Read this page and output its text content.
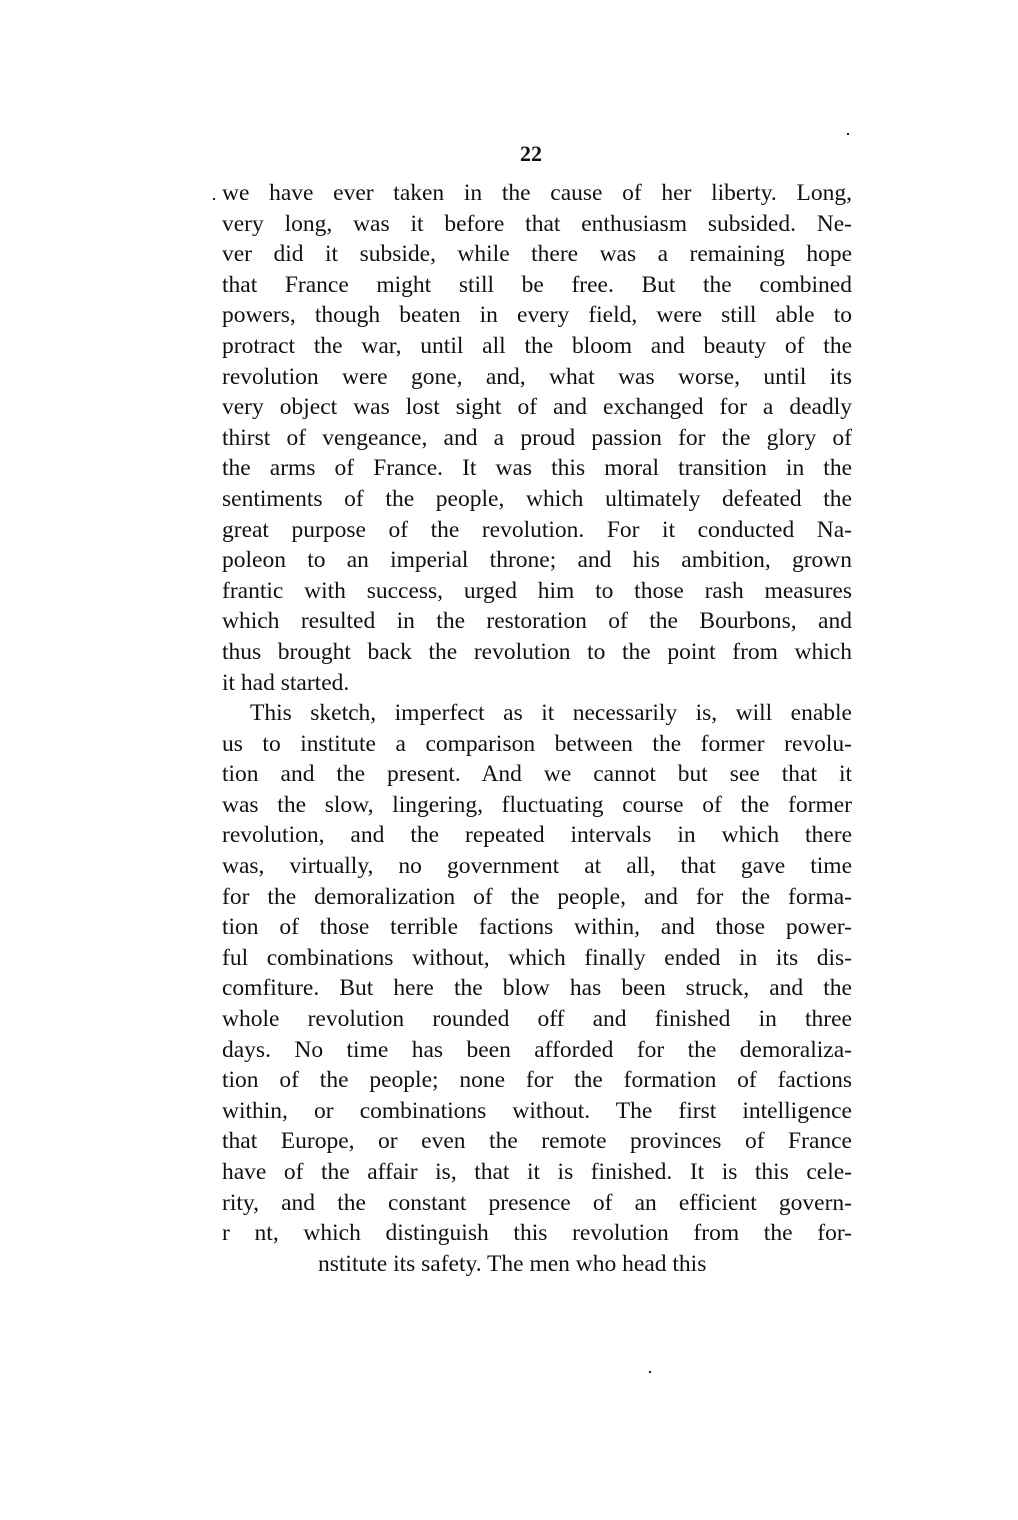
22
we have ever taken in the cause of her liberty. Long,
very long, was it before that enthusiasm subsided. Ne-
ver did it subside, while there was a remaining hope
that France might still be free. But the combined
powers, though beaten in every field, were still able to
protract the war, until all the bloom and beauty of the
revolution were gone, and, what was worse, until its
very object was lost sight of and exchanged for a deadly
thirst of vengeance, and a proud passion for the glory of
the arms of France. It was this moral transition in the
sentiments of the people, which ultimately defeated the
great purpose of the revolution. For it conducted Na-
poleon to an imperial throne; and his ambition, grown
frantic with success, urged him to those rash measures
which resulted in the restoration of the Bourbons, and
thus brought back the revolution to the point from which
it had started.
This sketch, imperfect as it necessarily is, will enable
us to institute a comparison between the former revolu-
tion and the present. And we cannot but see that it
was the slow, lingering, fluctuating course of the former
revolution, and the repeated intervals in which there
was, virtually, no government at all, that gave time
for the demoralization of the people, and for the forma-
tion of those terrible factions within, and those power-
ful combinations without, which finally ended in its dis-
comfiture. But here the blow has been struck, and the
whole revolution rounded off and finished in three
days. No time has been afforded for the demoraliza-
tion of the people; none for the formation of factions
within, or combinations without. The first intelligence
that Europe, or even the remote provinces of France
have of the affair is, that it is finished. It is this cele-
rity, and the constant presence of an efficient govern-
r nt, which distinguish this revolution from the for-
nstitute its safety. The men who head this
